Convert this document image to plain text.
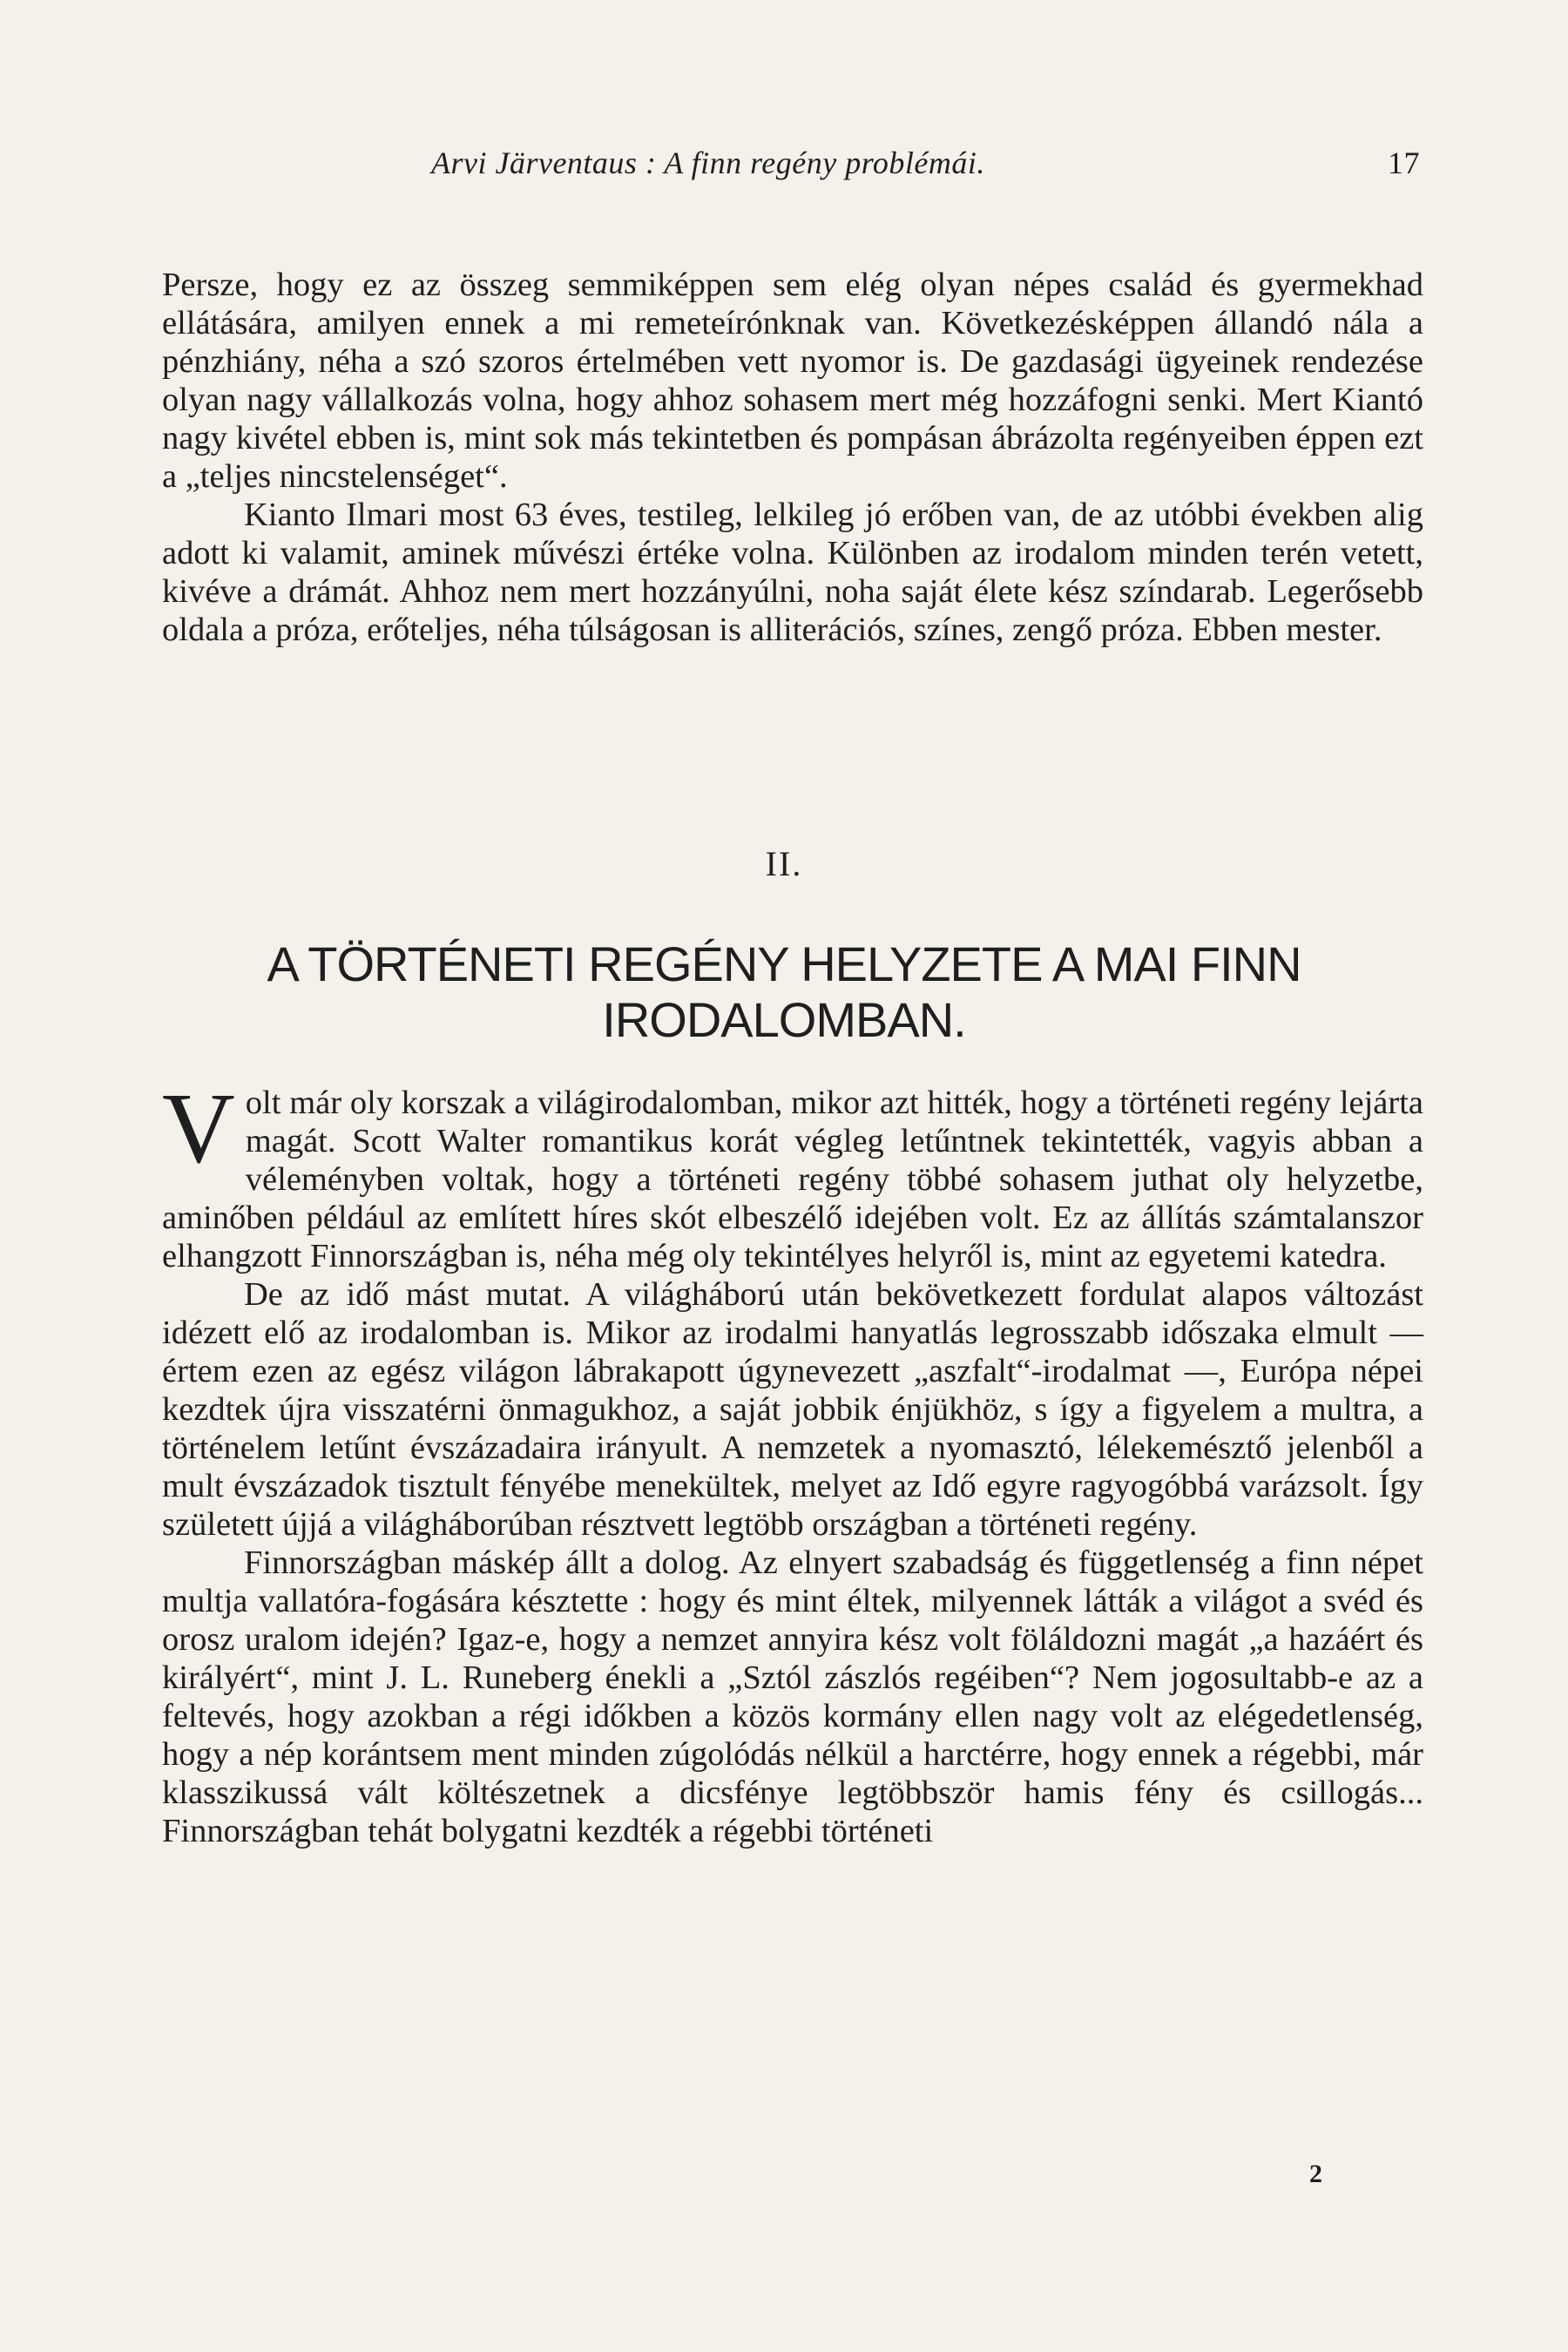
Arvi Järventaus : A finn regény problémái.	17

Persze, hogy ez az összeg semmiképpen sem elég olyan népes család és gyermekhad ellátására, amilyen ennek a mi remeteírónknak van. Következésképpen állandó nála a pénzhiány, néha a szó szoros értelmében vett nyomor is. De gazdasági ügyeinek rendezése olyan nagy vállalkozás volna, hogy ahhoz sohasem mert még hozzáfogni senki. Mert Kiantó nagy kivétel ebben is, mint sok más tekintetben és pompásan ábrázolta regényeiben éppen ezt a „teljes nincstelenséget“.

Kianto Ilmari most 63 éves, testileg, lelkileg jó erőben van, de az utóbbi években alig adott ki valamit, aminek művészi értéke volna. Különben az irodalom minden terén vetett, kivéve a drámát. Ahhoz nem mert hozzányúlni, noha saját élete kész színdarab. Legerősebb oldala a próza, erőteljes, néha túlságosan is alliterációs, színes, zengő próza. Ebben mester.

II.
A TÖRTÉNETI REGÉNY HELYZETE A MAI FINN IRODALOMBAN.

Volt már oly korszak a világirodalomban, mikor azt hitték, hogy a történeti regény lejárta magát. Scott Walter romantikus korát végleg letűntnek tekintették, vagyis abban a véleményben voltak, hogy a történeti regény többé sohasem juthat oly helyzetbe, aminőben például az említett híres skót elbeszélő idejében volt. Ez az állítás számtalanszor elhangzott Finnországban is, néha még oly tekintélyes helyről is, mint az egyetemi katedra.

De az idő mást mutat. A világháború után bekövetkezett fordulat alapos változást idézett elő az irodalomban is. Mikor az irodalmi hanyatlás legrosszabb időszaka elmult — értem ezen az egész világon lábrakapott úgynevezett „aszfalt“-irodalmat —, Európa népei kezdtek újra visszatérni önmagukhoz, a saját jobbik énjükhöz, s így a figyelem a multra, a történelem letűnt évszázadaira irányult. A nemzetek a nyomasztó, lélekemésztő jelenből a mult évszázadok tisztult fényébe menekültek, melyet az Idő egyre ragyogóbbá varázsolt. Így született újjá a világháborúban résztvett legtöbb országban a történeti regény.

Finnországban máskép állt a dolog. Az elnyert szabadság és függetlenség a finn népet multja vallatóra-fogására késztette : hogy és mint éltek, milyennek látták a világot a svéd és orosz uralom idején? Igaz-e, hogy a nemzet annyira kész volt föláldozni magát „a hazáért és királyért“, mint J. L. Runeberg énekli a „Sztól zászlós regéiben“? Nem jogosultabb-e az a feltevés, hogy azokban a régi időkben a közös kormány ellen nagy volt az elégedetlenség, hogy a nép korántsem ment minden zúgolódás nélkül a harctérre, hogy ennek a régebbi, már klasszikussá vált költészetnek a dicsfénye legtöbbször hamis fény és csillogás... Finnországban tehát bolygatni kezdték a régebbi történeti

2
